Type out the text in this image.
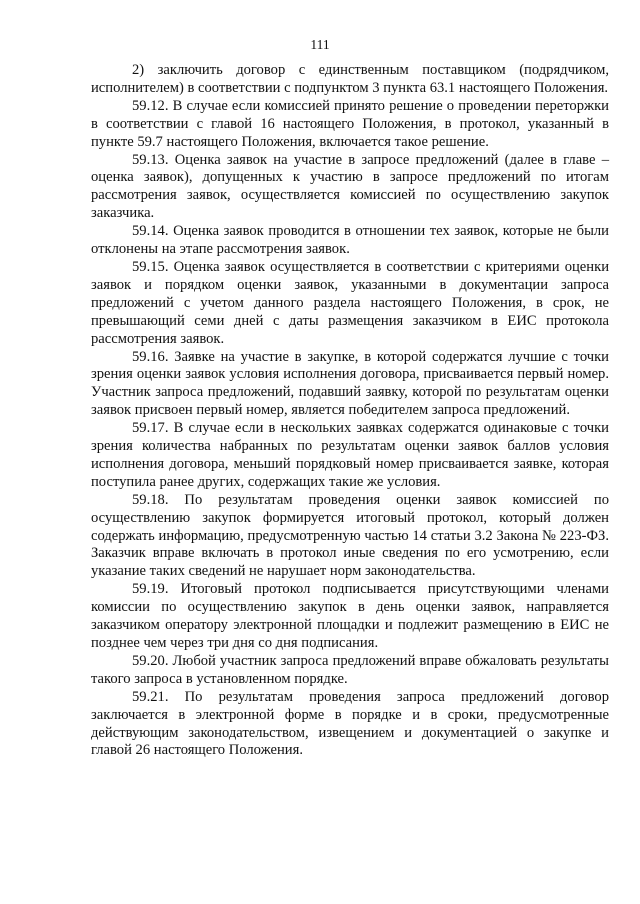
111

2) заключить договор с единственным поставщиком (подрядчиком, исполнителем) в соответствии с подпунктом 3 пункта 63.1 настоящего Положения.

59.12. В случае если комиссией принято решение о проведении переторжки в соответствии с главой 16 настоящего Положения, в протокол, указанный в пункте 59.7 настоящего Положения, включается такое решение.

59.13. Оценка заявок на участие в запросе предложений (далее в главе – оценка заявок), допущенных к участию в запросе предложений по итогам рассмотрения заявок, осуществляется комиссией по осуществлению закупок заказчика.

59.14. Оценка заявок проводится в отношении тех заявок, которые не были отклонены на этапе рассмотрения заявок.

59.15. Оценка заявок осуществляется в соответствии с критериями оценки заявок и порядком оценки заявок, указанными в документации запроса предложений с учетом данного раздела настоящего Положения, в срок, не превышающий семи дней с даты размещения заказчиком в ЕИС протокола рассмотрения заявок.

59.16. Заявке на участие в закупке, в которой содержатся лучшие с точки зрения оценки заявок условия исполнения договора, присваивается первый номер. Участник запроса предложений, подавший заявку, которой по результатам оценки заявок присвоен первый номер, является победителем запроса предложений.

59.17. В случае если в нескольких заявках содержатся одинаковые с точки зрения количества набранных по результатам оценки заявок баллов условия исполнения договора, меньший порядковый номер присваивается заявке, которая поступила ранее других, содержащих такие же условия.

59.18. По результатам проведения оценки заявок комиссией по осуществлению закупок формируется итоговый протокол, который должен содержать информацию, предусмотренную частью 14 статьи 3.2 Закона № 223-ФЗ. Заказчик вправе включать в протокол иные сведения по его усмотрению, если указание таких сведений не нарушает норм законодательства.

59.19. Итоговый протокол подписывается присутствующими членами комиссии по осуществлению закупок в день оценки заявок, направляется заказчиком оператору электронной площадки и подлежит размещению в ЕИС не позднее чем через три дня со дня подписания.

59.20. Любой участник запроса предложений вправе обжаловать результаты такого запроса в установленном порядке.

59.21. По результатам проведения запроса предложений договор заключается в электронной форме в порядке и в сроки, предусмотренные действующим законодательством, извещением и документацией о закупке и главой 26 настоящего Положения.
